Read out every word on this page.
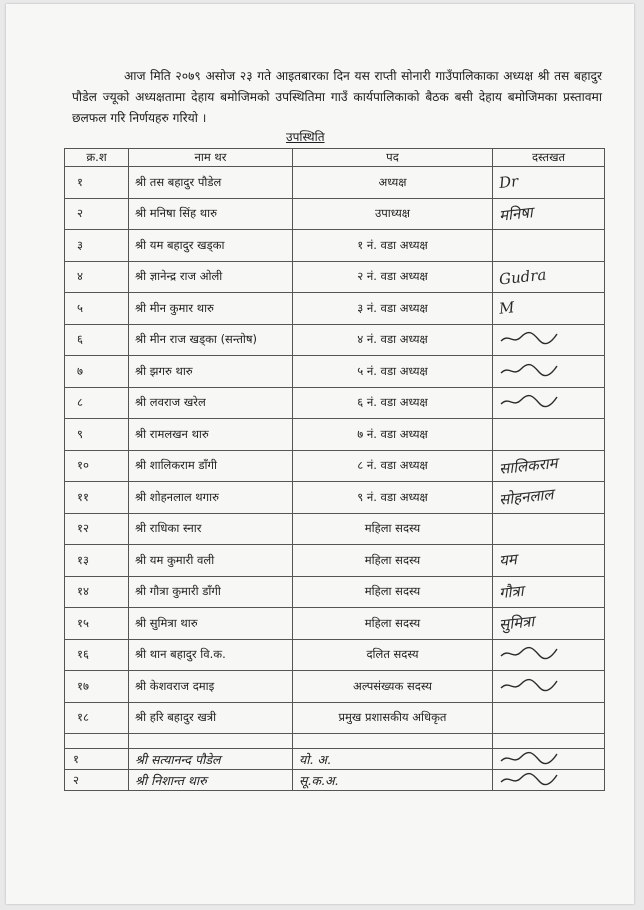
आज मिति २०७९ असोज २३ गते आइतबारका दिन यस राप्ती सोनारी गाउँपालिकाका अध्यक्ष श्री तस बहादुर पौडेल ज्यूको अध्यक्षतामा देहाय बमोजिमको उपस्थितिमा गाउँ कार्यपालिकाको बैठक बसी देहाय बमोजिमका प्रस्तावमा छलफल गरि निर्णयहरु गरियो ।
उपस्थिति
क्र.श	नाम थर	पद	दस्तखत
१	श्री तस बहादुर पौडेल	अध्यक्ष	Dr
२	श्री मनिषा सिंह थारु	उपाध्यक्ष	मनिषा
३	श्री यम बहादुर खड्का	१ नं. वडा अध्यक्ष	
४	श्री ज्ञानेन्द्र राज ओली	२ नं. वडा अध्यक्ष	Gudra
५	श्री मीन कुमार थारु	३ नं. वडा अध्यक्ष	M
६	श्री मीन राज खड्का (सन्तोष)	४ नं. वडा अध्यक्ष	
७	श्री झगरु थारु	५ नं. वडा अध्यक्ष	
८	श्री लवराज खरेल	६ नं. वडा अध्यक्ष	
९	श्री रामलखन थारु	७ नं. वडा अध्यक्ष	
१०	श्री शालिकराम डाँगी	८ नं. वडा अध्यक्ष	सालिकराम
११	श्री शोहनलाल थगारु	९ नं. वडा अध्यक्ष	सोहनलाल
१२	श्री राधिका स्नार	महिला सदस्य	
१३	श्री यम कुमारी वली	महिला सदस्य	यम
१४	श्री गौत्रा कुमारी डाँगी	महिला सदस्य	गौत्रा
१५	श्री सुमित्रा थारु	महिला सदस्य	सुमित्रा
१६	श्री थान बहादुर वि.क.	दलित सदस्य	
१७	श्री केशवराज दमाइ	अल्पसंख्यक सदस्य	
१८	श्री हरि बहादुर खत्री	प्रमुख प्रशासकीय अधिकृत	

१	श्री सत्यानन्द पौडेल	यो. अ.	
२	श्री निशान्त थारु	सू.क.अ.	
